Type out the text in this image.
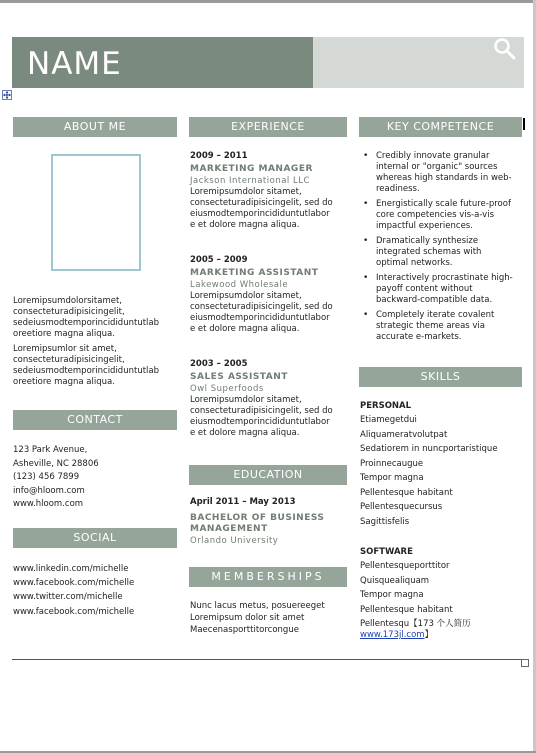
NAME
ABOUT ME
Loremipsumdolorsitamet,
consecteturadipisicingelit,
sedeiusmodtemporincididuntutlab
oreetiore magna aliqua.
Loremipsumlor sit amet,
consecteturadipisicingelit,
sedeiusmodtemporincididuntutlab
oreetiore magna aliqua.
CONTACT
123 Park Avenue,
Asheville, NC 28806
(123) 456 7899
info@hloom.com
www.hloom.com
SOCIAL
www.linkedin.com/michelle
www.facebook.com/michelle
www.twitter.com/michelle
www.facebook.com/michelle
EXPERIENCE
2009 – 2011
MARKETING MANAGER
Jackson International LLC
Loremipsumdolor sitamet,
consecteturadipisicingelit, sed do
eiusmodtemporincididuntutlabor
e et dolore magna aliqua.
2005 – 2009
MARKETING ASSISTANT
Lakewood Wholesale
Loremipsumdolor sitamet,
consecteturadipisicingelit, sed do
eiusmodtemporincididuntutlabor
e et dolore magna aliqua.
2003 – 2005
SALES ASSISTANT
Owl Superfoods
Loremipsumdolor sitamet,
consecteturadipisicingelit, sed do
eiusmodtemporincididuntutlabor
e et dolore magna aliqua.
EDUCATION
April 2011 – May 2013
BACHELOR OF BUSINESS
MANAGEMENT
Orlando University
MEMBERSHIPS
Nunc lacus metus, posuereeget
Loremipsum dolor sit amet
Maecenasporttitorcongue
KEY COMPETENCE
• Credibly innovate granular
internal or "organic" sources
whereas high standards in web-
readiness.
• Energistically scale future-proof
core competencies vis-a-vis
impactful experiences.
• Dramatically synthesize
integrated schemas with
optimal networks.
• Interactively procrastinate high-
payoff content without
backward-compatible data.
• Completely iterate covalent
strategic theme areas via
accurate e-markets.
SKILLS
PERSONAL
Etiamegetdui
Aliquameratvolutpat
Sedatiorem in nuncportaristique
Proinnecaugue
Tempor magna
Pellentesque habitant
Pellentesquecursus
Sagittisfelis
SOFTWARE
Pellentesqueporttitor
Quisquealiquam
Tempor magna
Pellentesque habitant
Pellentesqu【173 个人简历
www.173jl.com】
